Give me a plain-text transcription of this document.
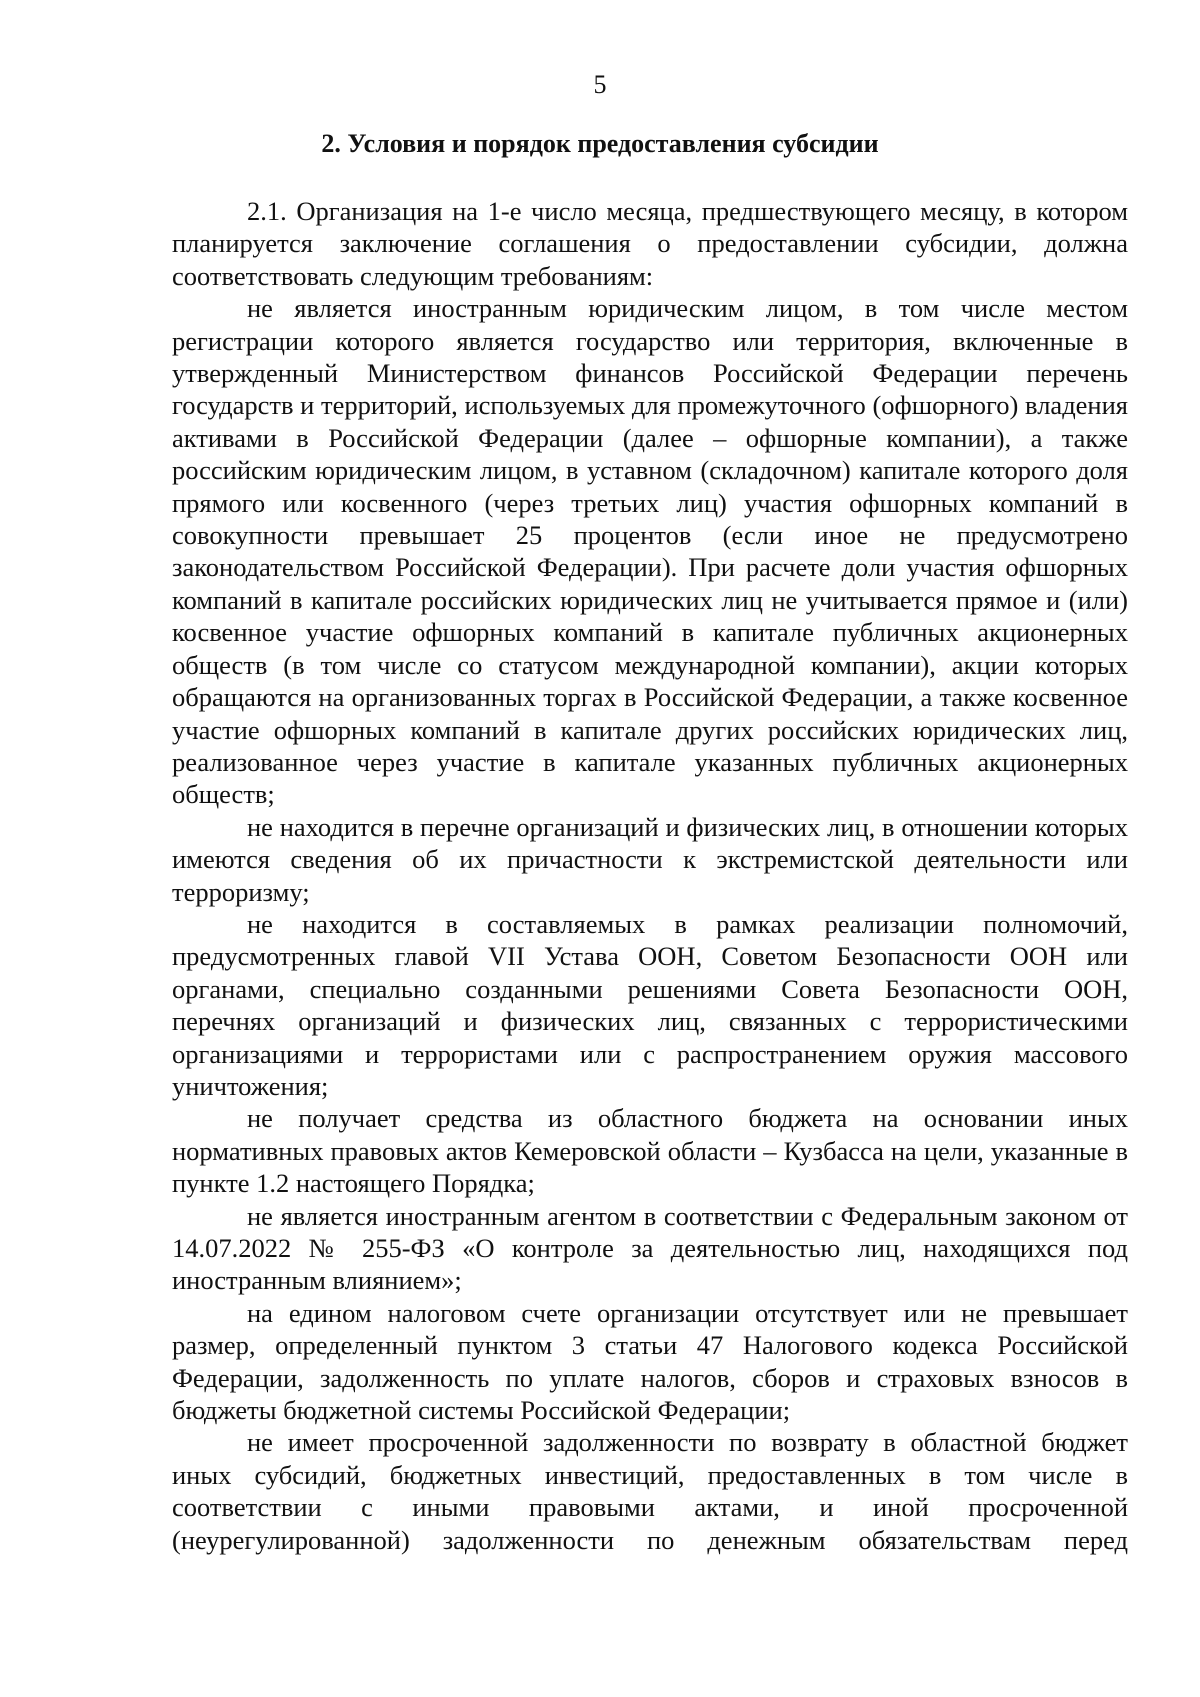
5
2. Условия и порядок предоставления субсидии

2.1. Организация на 1-е число месяца, предшествующего месяцу, в котором планируется заключение соглашения о предоставлении субсидии, должна соответствовать следующим требованиям:

не является иностранным юридическим лицом, в том числе местом регистрации которого является государство или территория, включенные в утвержденный Министерством финансов Российской Федерации перечень государств и территорий, используемых для промежуточного (офшорного) владения активами в Российской Федерации (далее – офшорные компании), а также российским юридическим лицом, в уставном (складочном) капитале которого доля прямого или косвенного (через третьих лиц) участия офшорных компаний в совокупности превышает 25 процентов (если иное не предусмотрено законодательством Российской Федерации). При расчете доли участия офшорных компаний в капитале российских юридических лиц не учитывается прямое и (или) косвенное участие офшорных компаний в капитале публичных акционерных обществ (в том числе со статусом международной компании), акции которых обращаются на организованных торгах в Российской Федерации, а также косвенное участие офшорных компаний в капитале других российских юридических лиц, реализованное через участие в капитале указанных публичных акционерных обществ;

не находится в перечне организаций и физических лиц, в отношении которых имеются сведения об их причастности к экстремистской деятельности или терроризму;

не находится в составляемых в рамках реализации полномочий, предусмотренных главой VII Устава ООН, Советом Безопасности ООН или органами, специально созданными решениями Совета Безопасности ООН, перечнях организаций и физических лиц, связанных с террористическими организациями и террористами или с распространением оружия массового уничтожения;

не получает средства из областного бюджета на основании иных нормативных правовых актов Кемеровской области – Кузбасса на цели, указанные в пункте 1.2 настоящего Порядка;

не является иностранным агентом в соответствии с Федеральным законом от 14.07.2022 № 255-ФЗ «О контроле за деятельностью лиц, находящихся под иностранным влиянием»;

на едином налоговом счете организации отсутствует или не превышает размер, определенный пунктом 3 статьи 47 Налогового кодекса Российской Федерации, задолженность по уплате налогов, сборов и страховых взносов в бюджеты бюджетной системы Российской Федерации;

не имеет просроченной задолженности по возврату в областной бюджет иных субсидий, бюджетных инвестиций, предоставленных в том числе в соответствии с иными правовыми актами, и иной просроченной (неурегулированной) задолженности по денежным обязательствам перед
